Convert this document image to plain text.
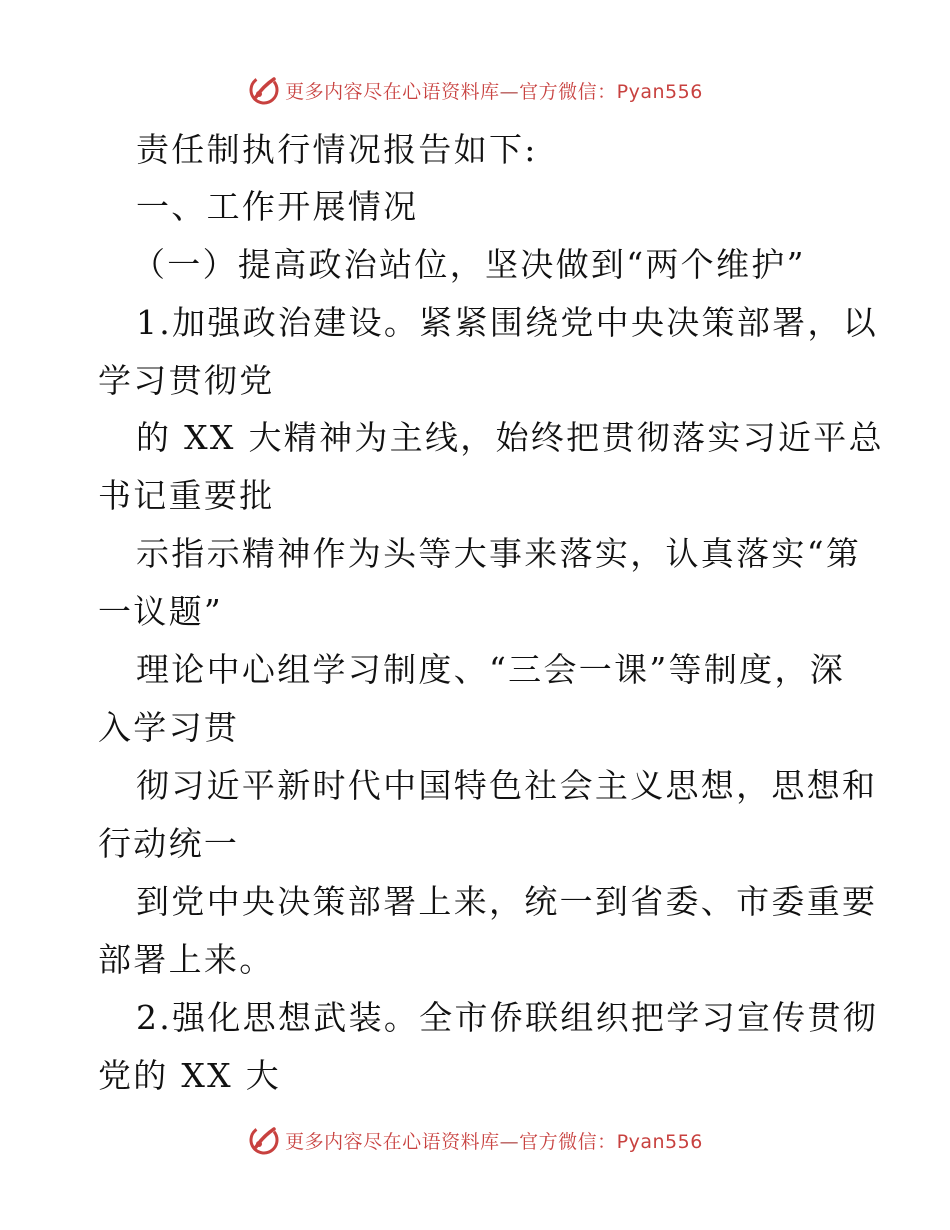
更多内容尽在心语资料库—官方微信：Pyan556
责任制执行情况报告如下:
一、工作开展情况
（一）提高政治站位，坚决做到“两个维护”
1.加强政治建设。紧紧围绕党中央决策部署，以
学习贯彻党
的 XX 大精神为主线，始终把贯彻落实习近平总
书记重要批
示指示精神作为头等大事来落实，认真落实“第
一议题”
理论中心组学习制度、“三会一课”等制度，深
入学习贯
彻习近平新时代中国特色社会主义思想，思想和
行动统一
到党中央决策部署上来，统一到省委、市委重要
部署上来。
2.强化思想武装。全市侨联组织把学习宣传贯彻
党的 XX 大
更多内容尽在心语资料库—官方微信：Pyan556
